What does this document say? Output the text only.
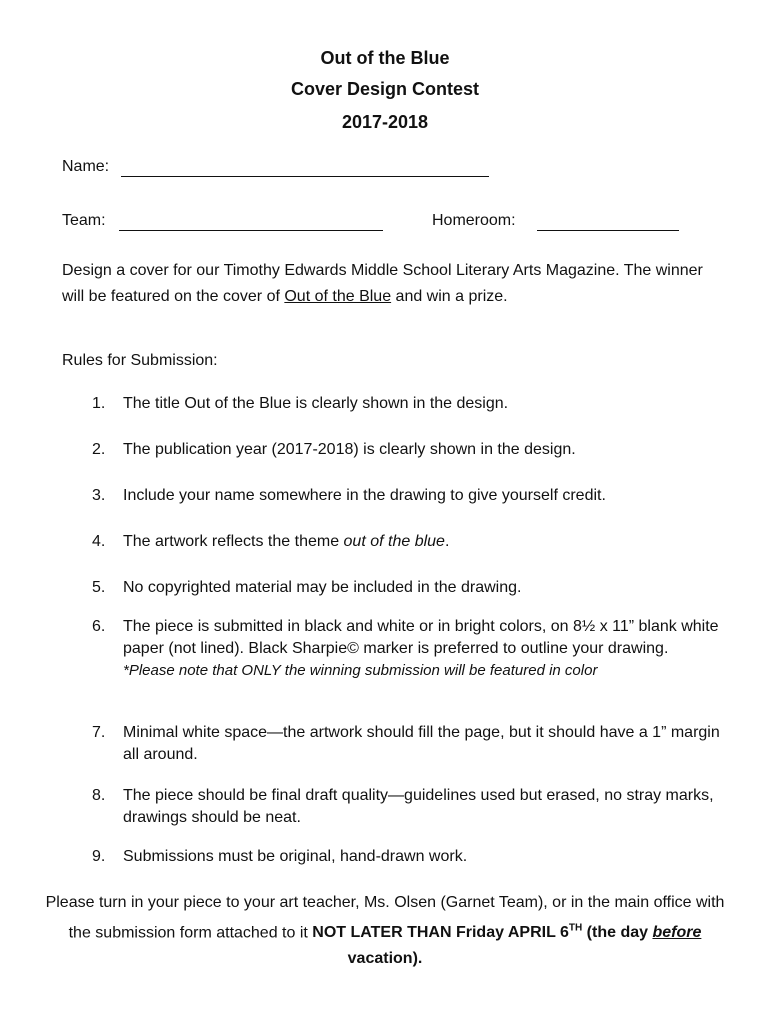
Out of the Blue
Cover Design Contest
2017-2018
Name:
Team:	Homeroom:
Design a cover for our Timothy Edwards Middle School Literary Arts Magazine. The winner will be featured on the cover of Out of the Blue and win a prize.
Rules for Submission:
1. The title Out of the Blue is clearly shown in the design.
2. The publication year (2017-2018) is clearly shown in the design.
3. Include your name somewhere in the drawing to give yourself credit.
4. The artwork reflects the theme out of the blue.
5. No copyrighted material may be included in the drawing.
6. The piece is submitted in black and white or in bright colors, on 8½ x 11” blank white paper (not lined). Black Sharpie© marker is preferred to outline your drawing.
*Please note that ONLY the winning submission will be featured in color
7. Minimal white space—the artwork should fill the page, but it should have a 1” margin all around.
8. The piece should be final draft quality—guidelines used but erased, no stray marks, drawings should be neat.
9. Submissions must be original, hand-drawn work.
Please turn in your piece to your art teacher, Ms. Olsen (Garnet Team), or in the main office with the submission form attached to it NOT LATER THAN Friday APRIL 6TH (the day before vacation).
